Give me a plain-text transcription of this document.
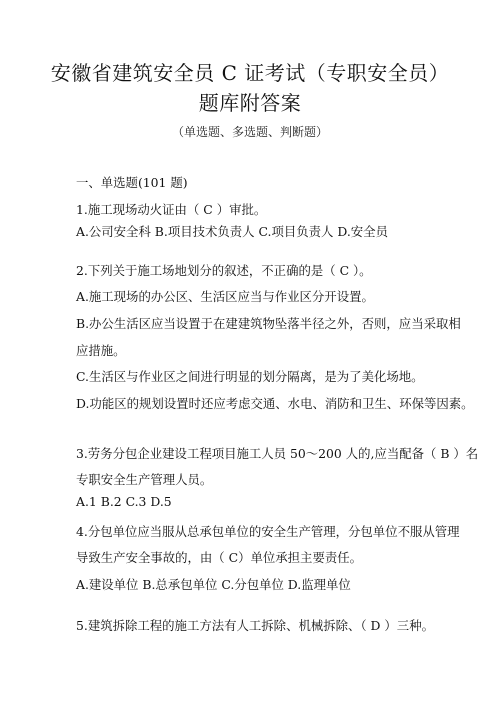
安徽省建筑安全员 C 证考试（专职安全员）
题库附答案
（单选题、多选题、判断题）
一、单选题(101 题)
1.施工现场动火证由（ C ）审批。
A.公司安全科 B.项目技术负责人 C.项目负责人 D.安全员
2.下列关于施工场地划分的叙述，不正确的是（ C ）。
A.施工现场的办公区、生活区应当与作业区分开设置。
B.办公生活区应当设置于在建建筑物坠落半径之外，否则，应当采取相
应措施。
C.生活区与作业区之间进行明显的划分隔离，是为了美化场地。
D.功能区的规划设置时还应考虑交通、水电、消防和卫生、环保等因素。
3.劳务分包企业建设工程项目施工人员 50～200 人的,应当配备（ B ）名
专职安全生产管理人员。
A.1 B.2 C.3 D.5
4.分包单位应当服从总承包单位的安全生产管理，分包单位不服从管理
导致生产安全事故的，由（ C）单位承担主要责任。
A.建设单位 B.总承包单位 C.分包单位 D.监理单位
5.建筑拆除工程的施工方法有人工拆除、机械拆除、（ D ）三种。
